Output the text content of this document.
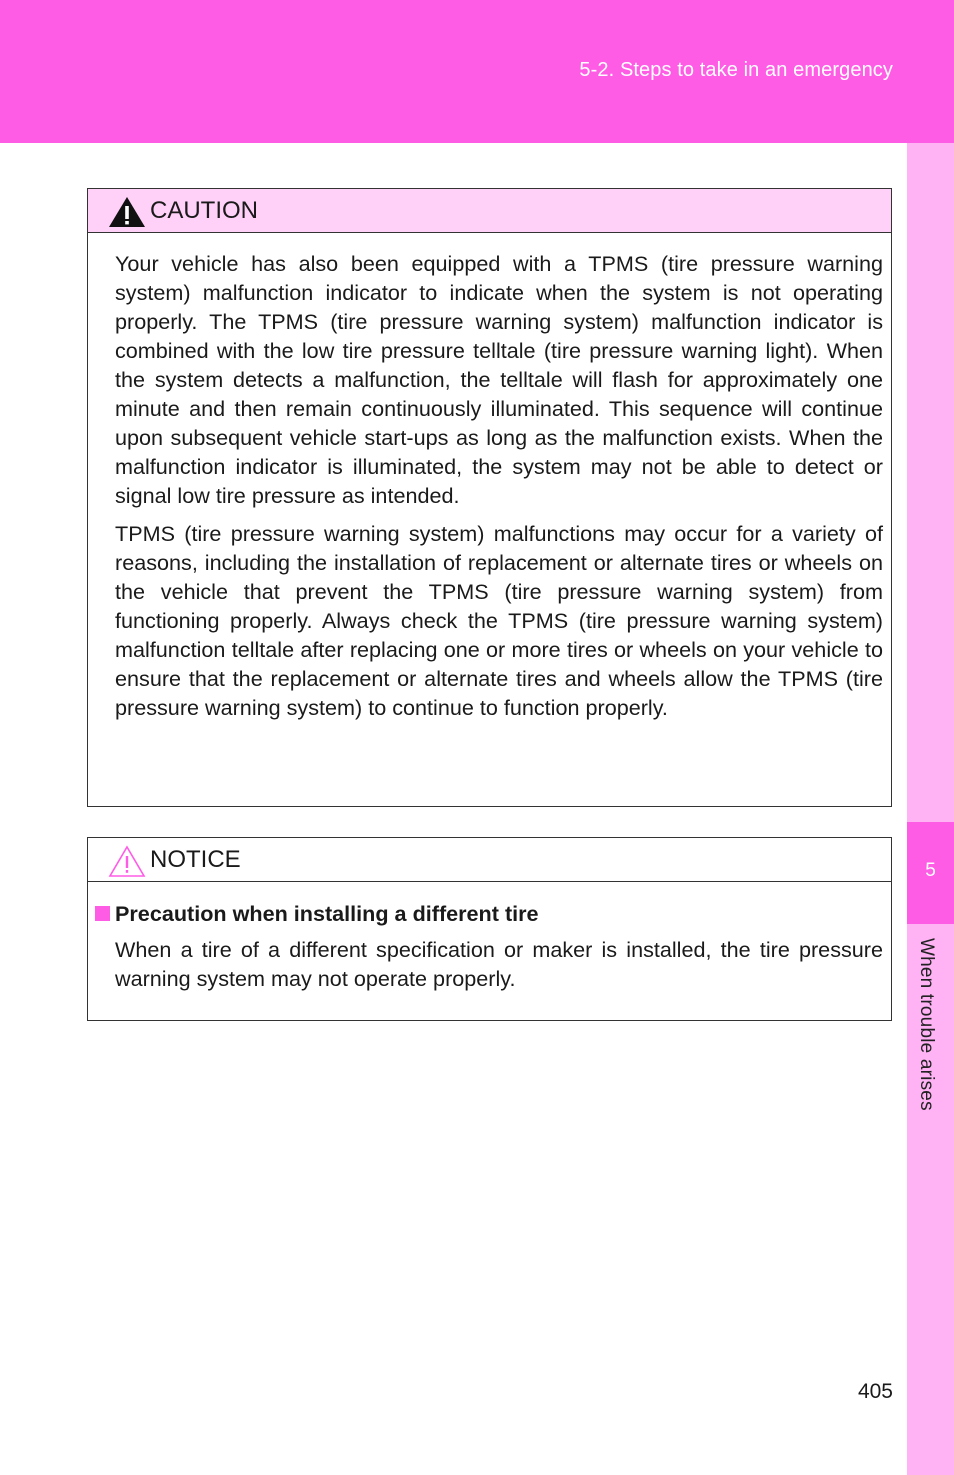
5-2. Steps to take in an emergency
5
When trouble arises
CAUTION

Your vehicle has also been equipped with a TPMS (tire pressure warning system) malfunction indicator to indicate when the system is not operating properly. The TPMS (tire pressure warning system) malfunction indicator is combined with the low tire pressure telltale (tire pressure warning light). When the system detects a malfunction, the telltale will flash for approximately one minute and then remain continuously illuminated. This sequence will continue upon subsequent vehicle start-ups as long as the malfunction exists. When the malfunction indicator is illuminated, the system may not be able to detect or signal low tire pressure as intended.

TPMS (tire pressure warning system) malfunctions may occur for a variety of reasons, including the installation of replacement or alternate tires or wheels on the vehicle that prevent the TPMS (tire pressure warning system) from functioning properly. Always check the TPMS (tire pressure warning system) malfunction telltale after replacing one or more tires or wheels on your vehicle to ensure that the replacement or alternate tires and wheels allow the TPMS (tire pressure warning system) to continue to function properly.

NOTICE
Precaution when installing a different tire

When a tire of a different specification or maker is installed, the tire pressure warning system may not operate properly.

405
